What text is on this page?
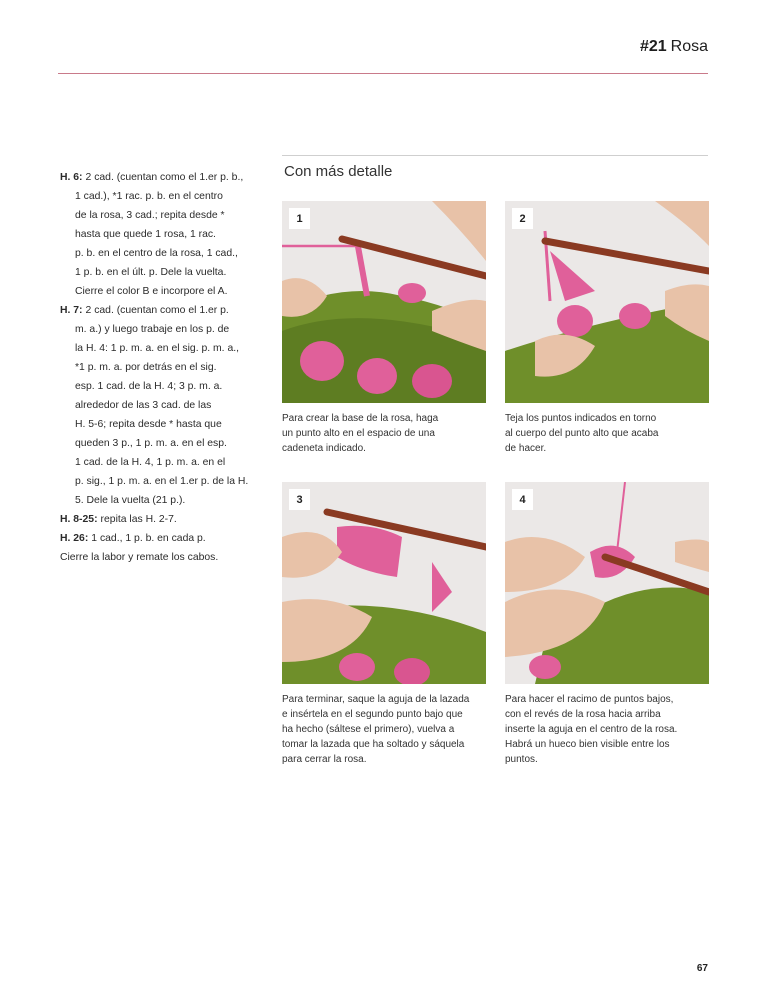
#21 Rosa
H. 6: 2 cad. (cuentan como el 1.er p. b.,
1 cad.), *1 rac. p. b. en el centro
de la rosa, 3 cad.; repita desde *
hasta que quede 1 rosa, 1 rac.
p. b. en el centro de la rosa, 1 cad.,
1 p. b. en el últ. p. Dele la vuelta.
Cierre el color B e incorpore el A.
H. 7: 2 cad. (cuentan como el 1.er p.
m. a.) y luego trabaje en los p. de
la H. 4: 1 p. m. a. en el sig. p. m. a.,
*1 p. m. a. por detrás en el sig.
esp. 1 cad. de la H. 4; 3 p. m. a.
alrededor de las 3 cad. de las
H. 5-6; repita desde * hasta que
queden 3 p., 1 p. m. a. en el esp.
1 cad. de la H. 4, 1 p. m. a. en el
p. sig., 1 p. m. a. en el 1.er p. de la H.
5. Dele la vuelta (21 p.).
H. 8-25: repita las H. 2-7.
H. 26: 1 cad., 1 p. b. en cada p.
Cierre la labor y remate los cabos.
Con más detalle
1
Para crear la base de la rosa, haga
un punto alto en el espacio de una
cadeneta indicado.
2
Teja los puntos indicados en torno
al cuerpo del punto alto que acaba
de hacer.
3
Para terminar, saque la aguja de la lazada
e insértela en el segundo punto bajo que
ha hecho (sáltese el primero), vuelva a
tomar la lazada que ha soltado y sáquela
para cerrar la rosa.
4
Para hacer el racimo de puntos bajos,
con el revés de la rosa hacia arriba
inserte la aguja en el centro de la rosa.
Habrá un hueco bien visible entre los
puntos.
67
